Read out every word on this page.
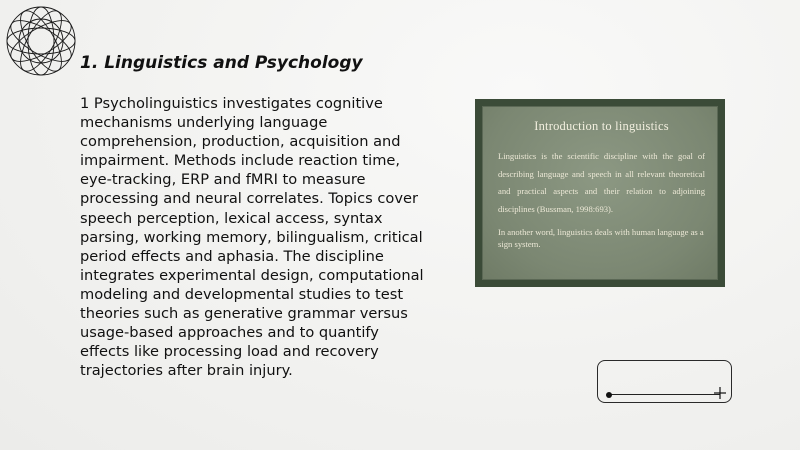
1. Linguistics and Psychology

1 Psycholinguistics investigates cognitive mechanisms underlying language comprehension, production, acquisition and impairment. Methods include reaction time, eye-tracking, ERP and fMRI to measure processing and neural correlates. Topics cover speech perception, lexical access, syntax parsing, working memory, bilingualism, critical period effects and aphasia. The discipline integrates experimental design, computational modeling and developmental studies to test theories such as generative grammar versus usage-based approaches and to quantify effects like processing load and recovery trajectories after brain injury.

Introduction to linguistics

Linguistics is the scientific discipline with the goal of describing language and speech in all relevant theoretical and practical aspects and their relation to adjoining disciplines (Bussman, 1998:693).

In another word, linguistics deals with human language as a sign system.
